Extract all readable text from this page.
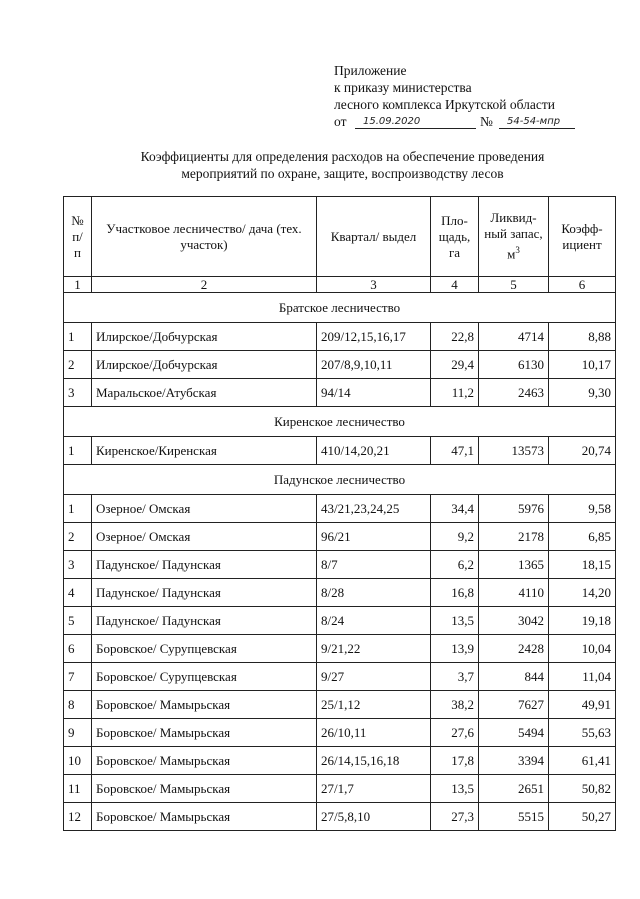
Приложение
к приказу министерства
лесного комплекса Иркутской области
от 15.09.2020	№ 54-54-мпр
Коэффициенты для определения расходов на обеспечение проведения
мероприятий по охране, защите, воспроизводству лесов
№ п/ п	Участковое лесничество/ дача (тех. участок)	Квартал/ выдел	Пло-щадь, га	Ликвид-ный запас, $м^3$	Коэфф-ициент
1	2	3	4	5	6
Братское лесничество					
1	Илирское/Добчурская	209/12,15,16,17	22,8	4714	8,88
2	Илирское/Добчурская	207/8,9,10,11	29,4	6130	10,17
3	Маральское/Атубская	94/14	11,2	2463	9,30
Киренское лесничество					
1	Киренское/Киренская	410/14,20,21	47,1	13573	20,74
Падунское лесничество					
1	Озерное/ Омская	43/21,23,24,25	34,4	5976	9,58
2	Озерное/ Омская	96/21	9,2	2178	6,85
3	Падунское/ Падунская	8/7	6,2	1365	18,15
4	Падунское/ Падунская	8/28	16,8	4110	14,20
5	Падунское/ Падунская	8/24	13,5	3042	19,18
6	Боровское/ Сурупцевская	9/21,22	13,9	2428	10,04
7	Боровское/ Сурупцевская	9/27	3,7	844	11,04
8	Боровское/ Мамырьская	25/1,12	38,2	7627	49,91
9	Боровское/ Мамырьская	26/10,11	27,6	5494	55,63
10	Боровское/ Мамырьская	26/14,15,16,18	17,8	3394	61,41
11	Боровское/ Мамырьская	27/1,7	13,5	2651	50,82
12	Боровское/ Мамырьская	27/5,8,10	27,3	5515	50,27
